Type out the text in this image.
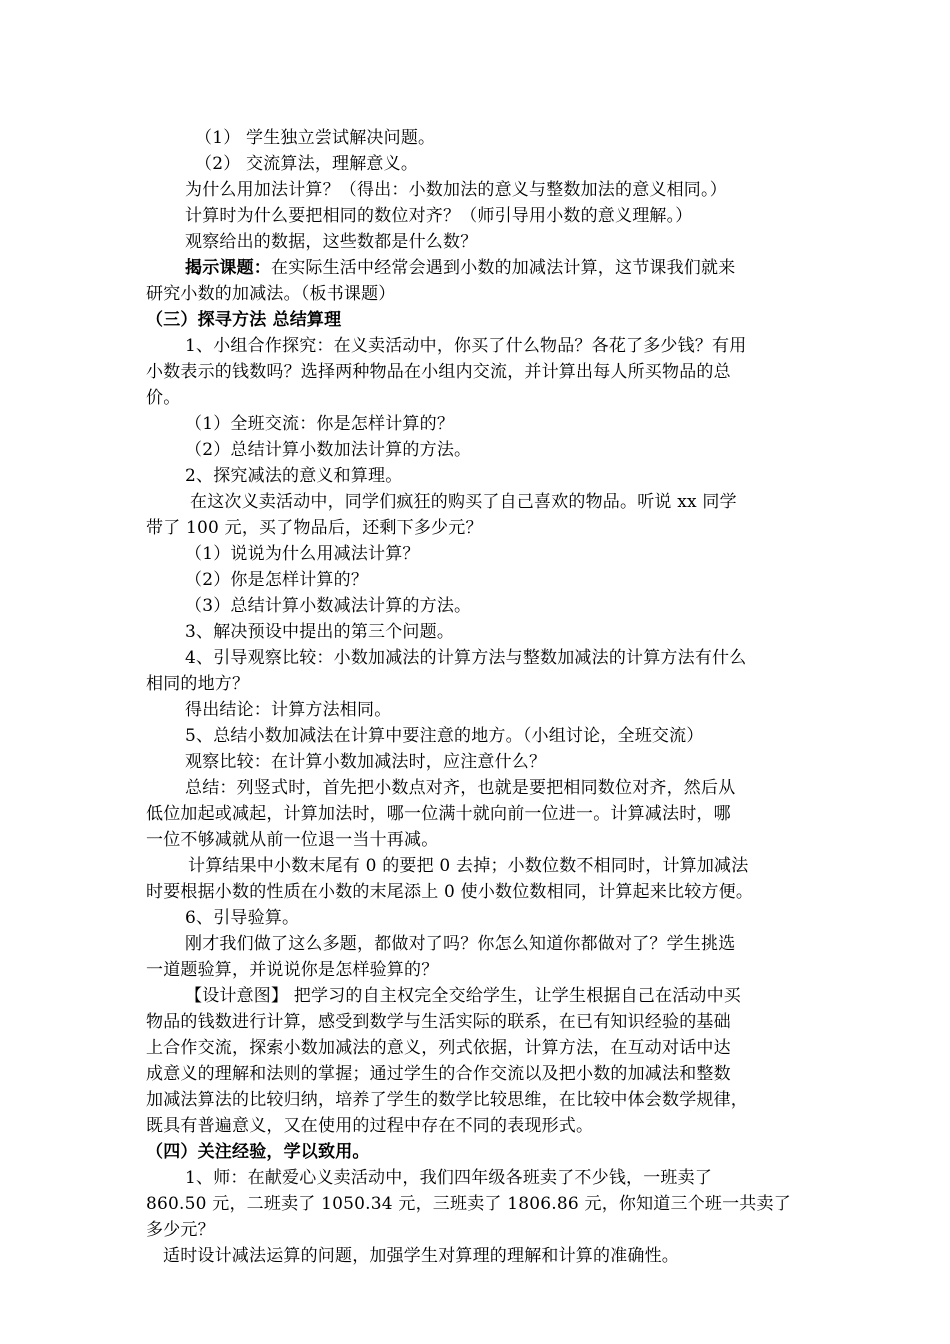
（1） 学生独立尝试解决问题。
（2） 交流算法，理解意义。
为什么用加法计算？（得出：小数加法的意义与整数加法的意义相同。）
计算时为什么要把相同的数位对齐？（师引导用小数的意义理解。）
观察给出的数据，这些数都是什么数？
揭示课题：在实际生活中经常会遇到小数的加减法计算，这节课我们就来
研究小数的加减法。（板书课题）
（三）探寻方法 总结算理
1、小组合作探究：在义卖活动中，你买了什么物品？各花了多少钱？有用
小数表示的钱数吗？选择两种物品在小组内交流，并计算出每人所买物品的总
价。
（1）全班交流：你是怎样计算的？
（2）总结计算小数加法计算的方法。
2、探究减法的意义和算理。
在这次义卖活动中，同学们疯狂的购买了自己喜欢的物品。听说 xx 同学
带了 100 元，买了物品后，还剩下多少元？
（1）说说为什么用减法计算？
（2）你是怎样计算的？
（3）总结计算小数减法计算的方法。
3、解决预设中提出的第三个问题。
4、引导观察比较：小数加减法的计算方法与整数加减法的计算方法有什么
相同的地方？
得出结论：计算方法相同。
5、总结小数加减法在计算中要注意的地方。（小组讨论，全班交流）
观察比较：在计算小数加减法时，应注意什么？
总结：列竖式时，首先把小数点对齐，也就是要把相同数位对齐，然后从
低位加起或减起，计算加法时，哪一位满十就向前一位进一。计算减法时，哪
一位不够减就从前一位退一当十再减。
计算结果中小数末尾有 0 的要把 0 去掉；小数位数不相同时，计算加减法
时要根据小数的性质在小数的末尾添上 0 使小数位数相同，计算起来比较方便。
6、引导验算。
刚才我们做了这么多题，都做对了吗？你怎么知道你都做对了？学生挑选
一道题验算，并说说你是怎样验算的？
【设计意图】 把学习的自主权完全交给学生，让学生根据自己在活动中买
物品的钱数进行计算，感受到数学与生活实际的联系，在已有知识经验的基础
上合作交流，探索小数加减法的意义，列式依据，计算方法，在互动对话中达
成意义的理解和法则的掌握；通过学生的合作交流以及把小数的加减法和整数
加减法算法的比较归纳，培养了学生的数学比较思维，在比较中体会数学规律，
既具有普遍意义，又在使用的过程中存在不同的表现形式。
（四）关注经验，学以致用。
1、师：在献爱心义卖活动中，我们四年级各班卖了不少钱，一班卖了
860.50 元，二班卖了 1050.34 元，三班卖了 1806.86 元，你知道三个班一共卖了
多少元？
适时设计减法运算的问题，加强学生对算理的理解和计算的准确性。
